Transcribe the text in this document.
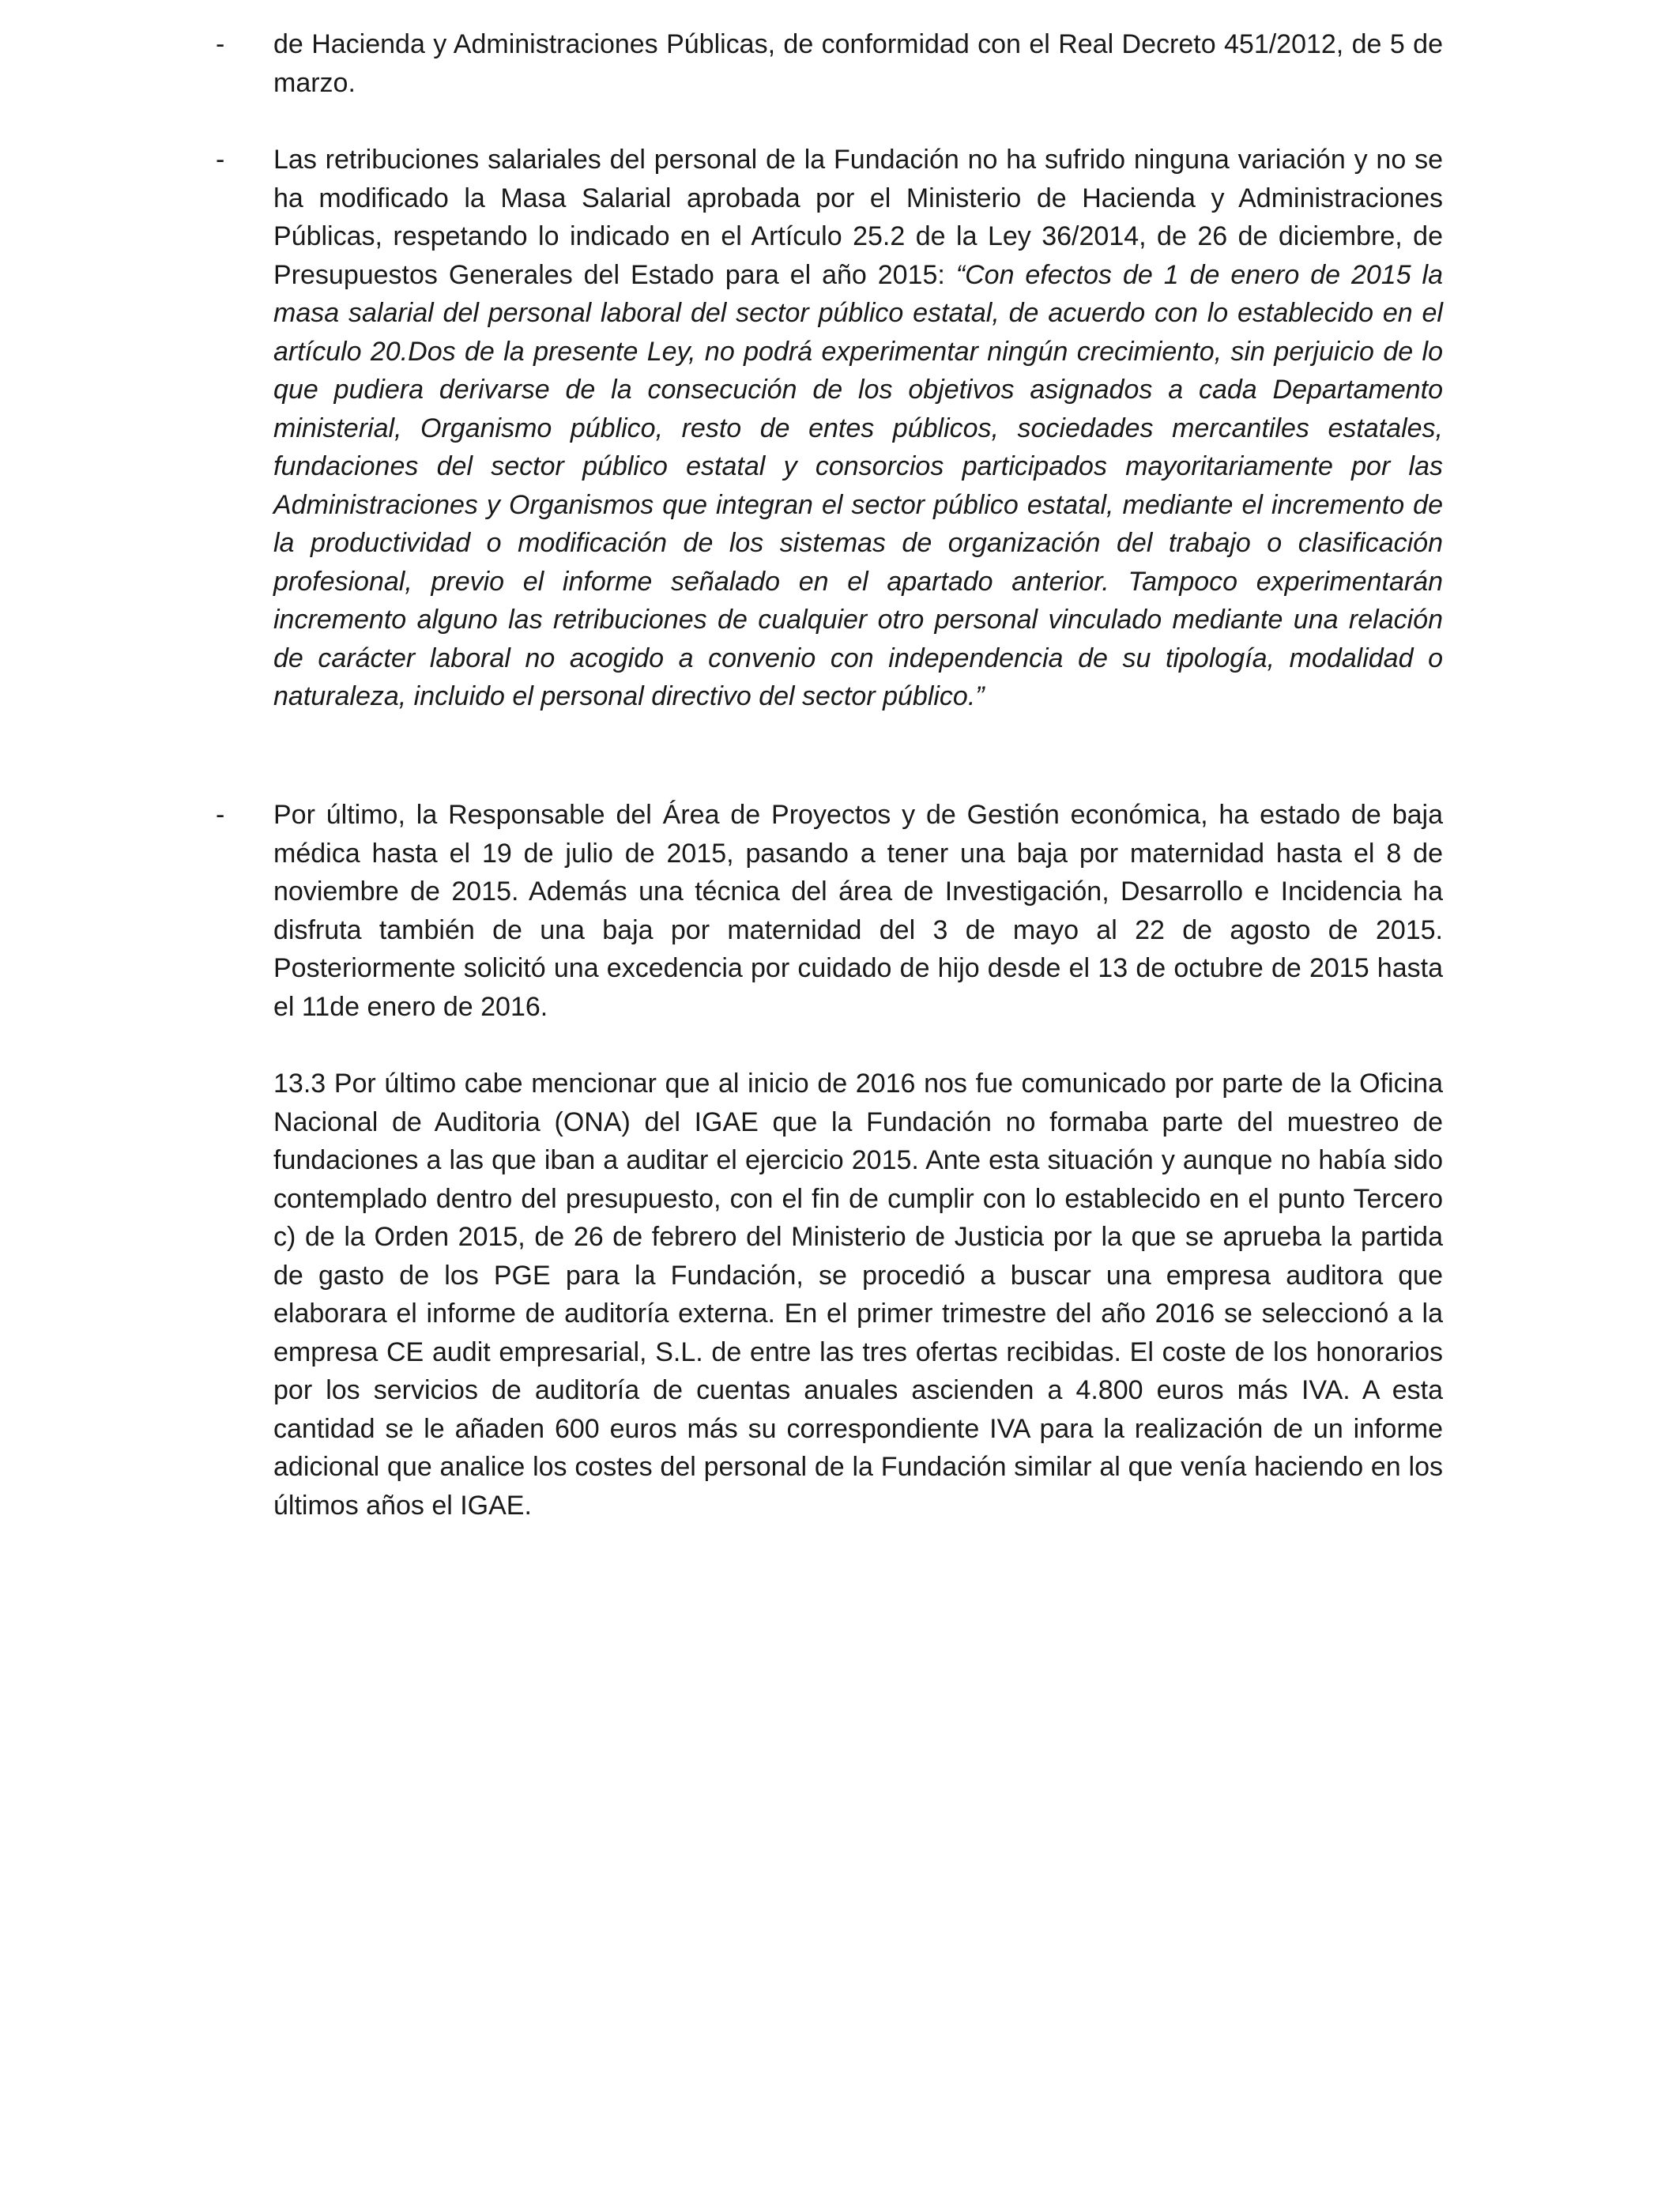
-	de Hacienda y Administraciones Públicas, de conformidad con el Real Decreto 451/2012, de 5 de marzo.

-	Las retribuciones salariales del personal de la Fundación no ha sufrido ninguna variación y no se ha modificado la Masa Salarial aprobada por el Ministerio de Hacienda y Administraciones Públicas, respetando lo indicado en el Artículo 25.2 de la Ley 36/2014, de 26 de diciembre, de Presupuestos Generales del Estado para el año 2015: “Con efectos de 1 de enero de 2015 la masa salarial del personal laboral del sector público estatal, de acuerdo con lo establecido en el artículo 20.Dos de la presente Ley, no podrá experimentar ningún crecimiento, sin perjuicio de lo que pudiera derivarse de la consecución de los objetivos asignados a cada Departamento ministerial, Organismo público, resto de entes públicos, sociedades mercantiles estatales, fundaciones del sector público estatal y consorcios participados mayoritariamente por las Administraciones y Organismos que integran el sector público estatal, mediante el incremento de la productividad o modificación de los sistemas de organización del trabajo o clasificación profesional, previo el informe señalado en el apartado anterior. Tampoco experimentarán incremento alguno las retribuciones de cualquier otro personal vinculado mediante una relación de carácter laboral no acogido a convenio con independencia de su tipología, modalidad o naturaleza, incluido el personal directivo del sector público.”

-	Por último, la Responsable del Área de Proyectos y de Gestión económica, ha estado de baja médica hasta el 19 de julio de 2015, pasando a tener una baja por maternidad hasta el 8 de noviembre de 2015. Además una técnica del área de Investigación, Desarrollo e Incidencia ha disfruta también de una baja por maternidad del 3 de mayo al 22 de agosto de 2015. Posteriormente solicitó una excedencia por cuidado de hijo desde el 13 de octubre de 2015 hasta el 11de enero de 2016.

13.3 Por último cabe mencionar que al inicio de 2016 nos fue comunicado por parte de la Oficina Nacional de Auditoria (ONA) del IGAE que la Fundación no formaba parte del muestreo de fundaciones a las que iban a auditar el ejercicio 2015. Ante esta situación y aunque no había sido contemplado dentro del presupuesto, con el fin de cumplir con lo establecido en el punto Tercero c) de la Orden 2015, de 26 de febrero del Ministerio de Justicia por la que se aprueba la partida de gasto de los PGE para la Fundación, se procedió a buscar una empresa auditora que elaborara el informe de auditoría externa. En el primer trimestre del año 2016 se seleccionó a la empresa CE audit empresarial, S.L. de entre las tres ofertas recibidas. El coste de los honorarios por los servicios de auditoría de cuentas anuales ascienden a 4.800 euros más IVA. A esta cantidad se le añaden 600 euros más su correspondiente IVA para la realización de un informe adicional que analice los costes del personal de la Fundación similar al que venía haciendo en los últimos años el IGAE.
